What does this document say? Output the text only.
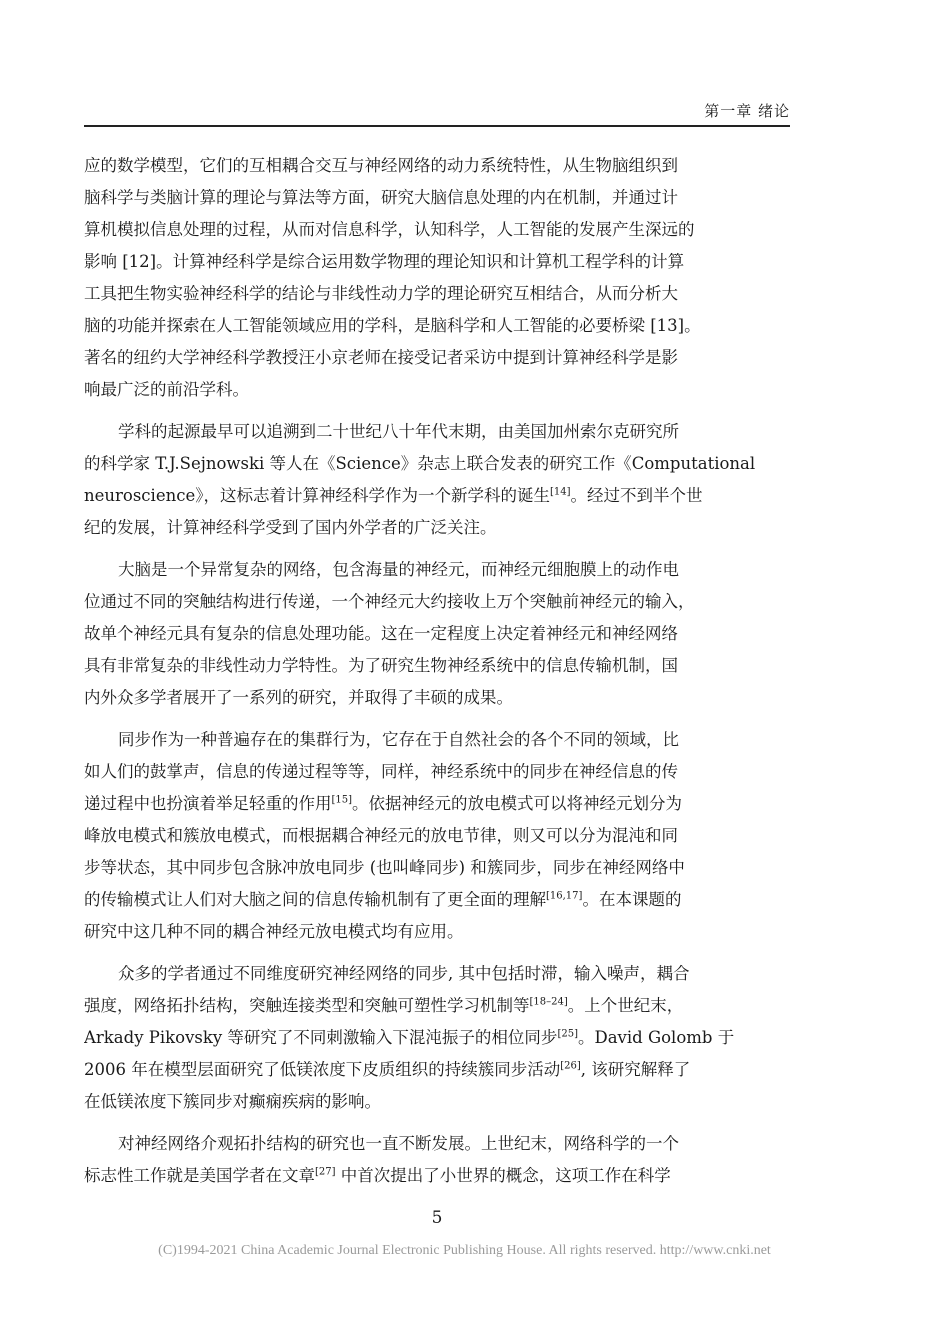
第一章 绪论
应的数学模型，它们的互相耦合交互与神经网络的动力系统特性，从生物脑组织到
脑科学与类脑计算的理论与算法等方面，研究大脑信息处理的内在机制，并通过计
算机模拟信息处理的过程，从而对信息科学，认知科学，人工智能的发展产生深远的
影响 [12]。计算神经科学是综合运用数学物理的理论知识和计算机工程学科的计算
工具把生物实验神经科学的结论与非线性动力学的理论研究互相结合，从而分析大
脑的功能并探索在人工智能领域应用的学科，是脑科学和人工智能的必要桥梁 [13]。
著名的纽约大学神经科学教授汪小京老师在接受记者采访中提到计算神经科学是影
响最广泛的前沿学科。
学科的起源最早可以追溯到二十世纪八十年代末期，由美国加州索尔克研究所
的科学家 T.J.Sejnowski 等人在《Science》杂志上联合发表的研究工作《Computational
neuroscience》，这标志着计算神经科学作为一个新学科的诞生[14]。经过不到半个世
纪的发展，计算神经科学受到了国内外学者的广泛关注。
大脑是一个异常复杂的网络，包含海量的神经元，而神经元细胞膜上的动作电
位通过不同的突触结构进行传递，一个神经元大约接收上万个突触前神经元的输入，
故单个神经元具有复杂的信息处理功能。这在一定程度上决定着神经元和神经网络
具有非常复杂的非线性动力学特性。为了研究生物神经系统中的信息传输机制，国
内外众多学者展开了一系列的研究，并取得了丰硕的成果。
同步作为一种普遍存在的集群行为，它存在于自然社会的各个不同的领域，比
如人们的鼓掌声，信息的传递过程等等，同样，神经系统中的同步在神经信息的传
递过程中也扮演着举足轻重的作用[15]。依据神经元的放电模式可以将神经元划分为
峰放电模式和簇放电模式，而根据耦合神经元的放电节律，则又可以分为混沌和同
步等状态，其中同步包含脉冲放电同步 (也叫峰同步) 和簇同步，同步在神经网络中
的传输模式让人们对大脑之间的信息传输机制有了更全面的理解[16,17]。在本课题的
研究中这几种不同的耦合神经元放电模式均有应用。
众多的学者通过不同维度研究神经网络的同步, 其中包括时滞，输入噪声，耦合
强度，网络拓扑结构，突触连接类型和突触可塑性学习机制等[18–24]。上个世纪末，
Arkady Pikovsky 等研究了不同刺激输入下混沌振子的相位同步[25]。David Golomb 于
2006 年在模型层面研究了低镁浓度下皮质组织的持续簇同步活动[26], 该研究解释了
在低镁浓度下簇同步对癫痫疾病的影响。
对神经网络介观拓扑结构的研究也一直不断发展。上世纪末，网络科学的一个
标志性工作就是美国学者在文章[27] 中首次提出了小世界的概念，这项工作在科学
5
(C)1994-2021 China Academic Journal Electronic Publishing House. All rights reserved. http://www.cnki.net
